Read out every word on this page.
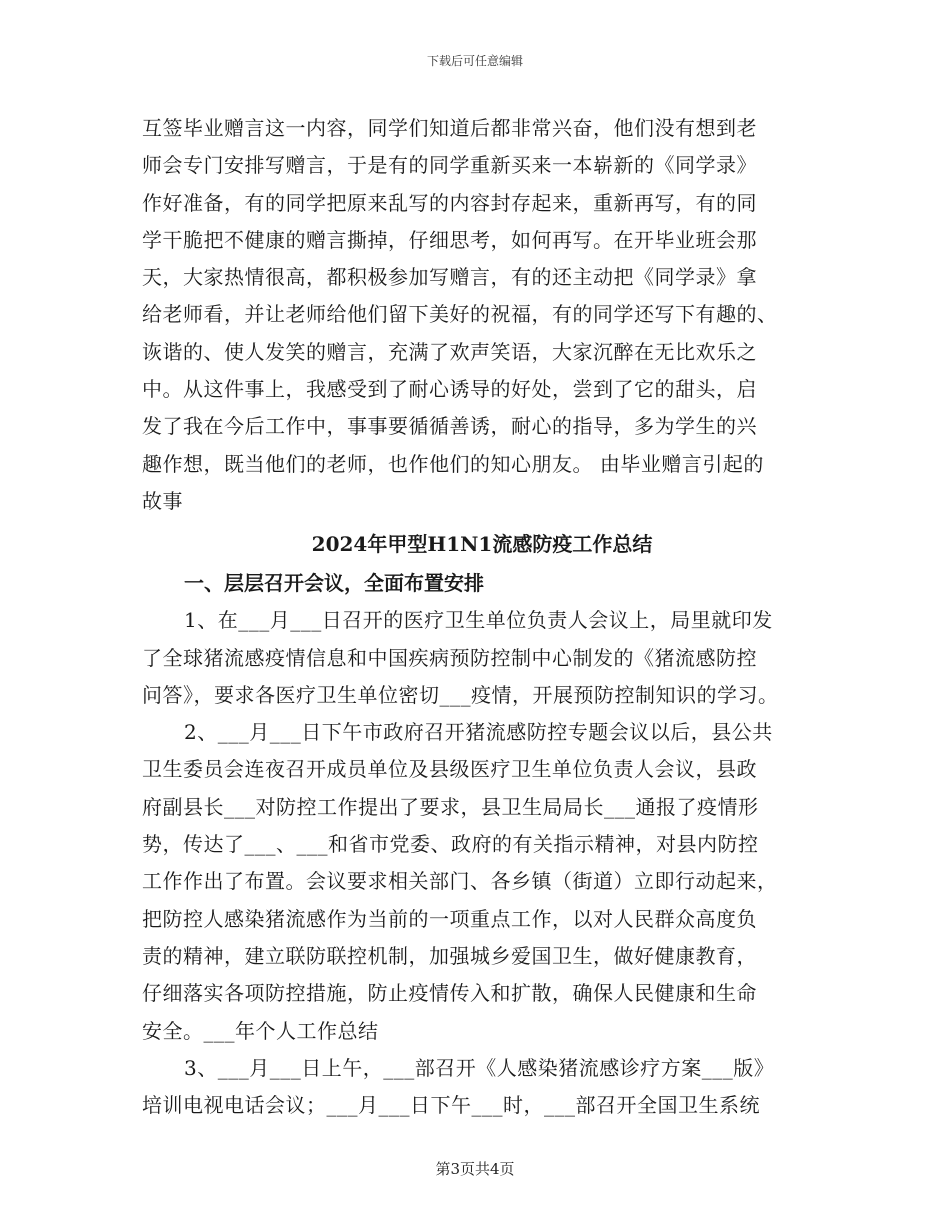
下载后可任意编辑
互签毕业赠言这一内容，同学们知道后都非常兴奋，他们没有想到老
师会专门安排写赠言，于是有的同学重新买来一本崭新的《同学录》
作好准备，有的同学把原来乱写的内容封存起来，重新再写，有的同
学干脆把不健康的赠言撕掉，仔细思考，如何再写。在开毕业班会那
天，大家热情很高，都积极参加写赠言，有的还主动把《同学录》拿
给老师看，并让老师给他们留下美好的祝福，有的同学还写下有趣的、
诙谐的、使人发笑的赠言，充满了欢声笑语，大家沉醉在无比欢乐之
中。从这件事上，我感受到了耐心诱导的好处，尝到了它的甜头，启
发了我在今后工作中，事事要循循善诱，耐心的指导，多为学生的兴
趣作想，既当他们的老师，也作他们的知心朋友。 由毕业赠言引起的
故事
2024年甲型H1N1流感防疫工作总结
一、层层召开会议，全面布置安排
1、在___月___日召开的医疗卫生单位负责人会议上，局里就印发
了全球猪流感疫情信息和中国疾病预防控制中心制发的《猪流感防控
问答》，要求各医疗卫生单位密切___疫情，开展预防控制知识的学习。
2、___月___日下午市政府召开猪流感防控专题会议以后，县公共
卫生委员会连夜召开成员单位及县级医疗卫生单位负责人会议，县政
府副县长___对防控工作提出了要求，县卫生局局长___通报了疫情形
势，传达了___、___和省市党委、政府的有关指示精神，对县内防控
工作作出了布置。会议要求相关部门、各乡镇（街道）立即行动起来，
把防控人感染猪流感作为当前的一项重点工作，以对人民群众高度负
责的精神，建立联防联控机制，加强城乡爱国卫生，做好健康教育，
仔细落实各项防控措施，防止疫情传入和扩散，确保人民健康和生命
安全。___年个人工作总结
3、___月___日上午，___部召开《人感染猪流感诊疗方案___版》
培训电视电话会议；___月___日下午___时，___部召开全国卫生系统
第3页共4页
